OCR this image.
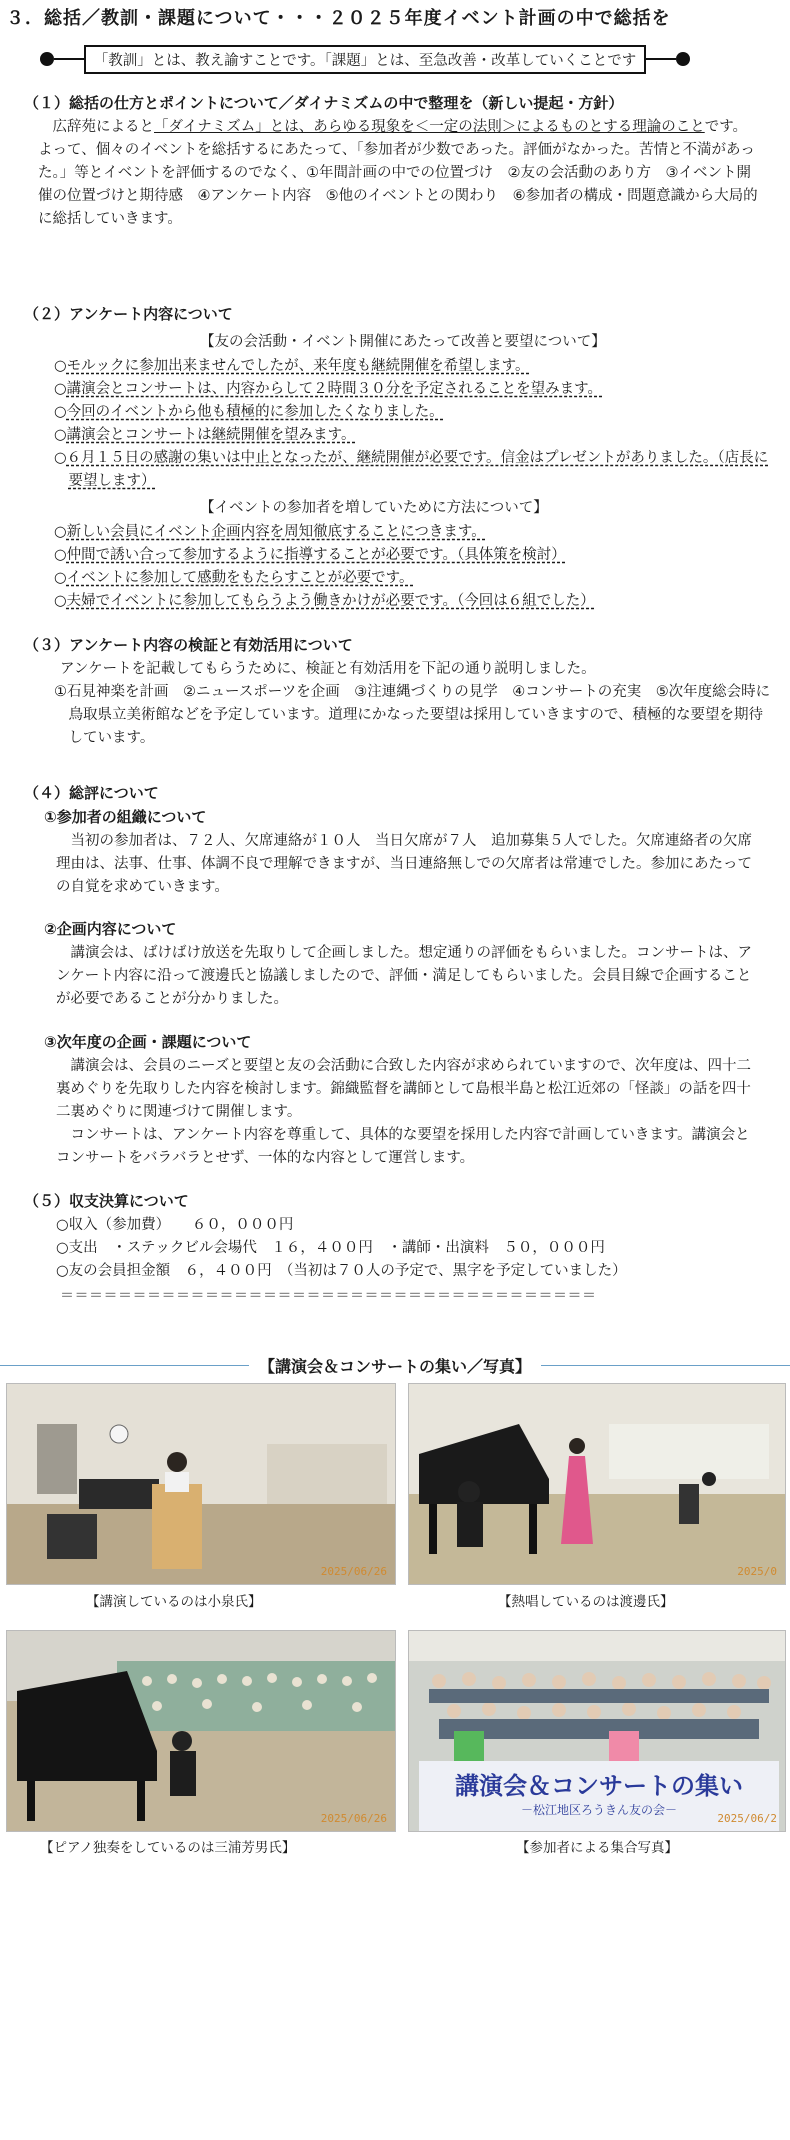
３．総括／教訓・課題について・・・２０２５年度イベント計画の中で総括を
「教訓」とは、教え諭すことです。「課題」とは、至急改善・改革していくことです
（１）総括の仕方とポイントについて／ダイナミズムの中で整理を（新しい提起・方針）
広辞苑によると「ダイナミズム」とは、あらゆる現象を＜一定の法則＞によるものとする理論のことです。よって、個々のイベントを総括するにあたって、「参加者が少数であった。評価がなかった。苦情と不満があった。」等とイベントを評価するのでなく、①年間計画の中での位置づけ　②友の会活動のあり方　③イベント開催の位置づけと期待感　④アンケート内容　⑤他のイベントとの関わり　⑥参加者の構成・問題意識から大局的に総括していきます。
（２）アンケート内容について
【友の会活動・イベント開催にあたって改善と要望について】
○モルックに参加出来ませんでしたが、来年度も継続開催を希望します。
○講演会とコンサートは、内容からして２時間３０分を予定されることを望みます。
○今回のイベントから他も積極的に参加したくなりました。
○講演会とコンサートは継続開催を望みます。
○６月１５日の感謝の集いは中止となったが、継続開催が必要です。信金はプレゼントがありました。（店長に要望します）
【イベントの参加者を増していために方法について】
○新しい会員にイベント企画内容を周知徹底することにつきます。
○仲間で誘い合って参加するように指導することが必要です。（具体策を検討）
○イベントに参加して感動をもたらすことが必要です。
○夫婦でイベントに参加してもらうよう働きかけが必要です。（今回は６組でした）
（３）アンケート内容の検証と有効活用について
アンケートを記載してもらうために、検証と有効活用を下記の通り説明しました。
①石見神楽を計画　②ニュースポーツを企画　③注連縄づくりの見学　④コンサートの充実　⑤次年度総会時に鳥取県立美術館などを予定しています。道理にかなった要望は採用していきますので、積極的な要望を期待しています。
（４）総評について
①参加者の組織について
当初の参加者は、７２人、欠席連絡が１０人　当日欠席が７人　追加募集５人でした。欠席連絡者の欠席理由は、法事、仕事、体調不良で理解できますが、当日連絡無しでの欠席者は常連でした。参加にあたっての自覚を求めていきます。
②企画内容について
講演会は、ばけばけ放送を先取りして企画しました。想定通りの評価をもらいました。コンサートは、アンケート内容に沿って渡邊氏と協議しましたので、評価・満足してもらいました。会員目線で企画することが必要であることが分かりました。
③次年度の企画・課題について
講演会は、会員のニーズと要望と友の会活動に合致した内容が求められていますので、次年度は、四十二裏めぐりを先取りした内容を検討します。錦織監督を講師として島根半島と松江近郊の「怪談」の話を四十二裏めぐりに関連づけて開催します。
コンサートは、アンケート内容を尊重して、具体的な要望を採用した内容で計画していきます。講演会とコンサートをバラバラとせず、一体的な内容として運営します。
（５）収支決算について
○収入（参加費）　　６０，０００円
○支出　・ステックビル会場代　１６，４００円　・講師・出演料　５０，０００円
○友の会員担金額　６，４００円　（当初は７０人の予定で、黒字を予定していました）
＝＝＝＝＝＝＝＝＝＝＝＝＝＝＝＝＝＝＝＝＝＝＝＝＝＝＝＝＝＝＝＝＝＝＝＝＝
【講演会＆コンサートの集い／写真】
2025/06/26	2025/0
【講演しているのは小泉氏】	【熱唱しているのは渡邊氏】
2025/06/26
講演会＆コンサートの集い
－松江地区ろうきん友の会－
2025/06/2
【ピアノ独奏をしているのは三浦芳男氏】	【参加者による集合写真】
